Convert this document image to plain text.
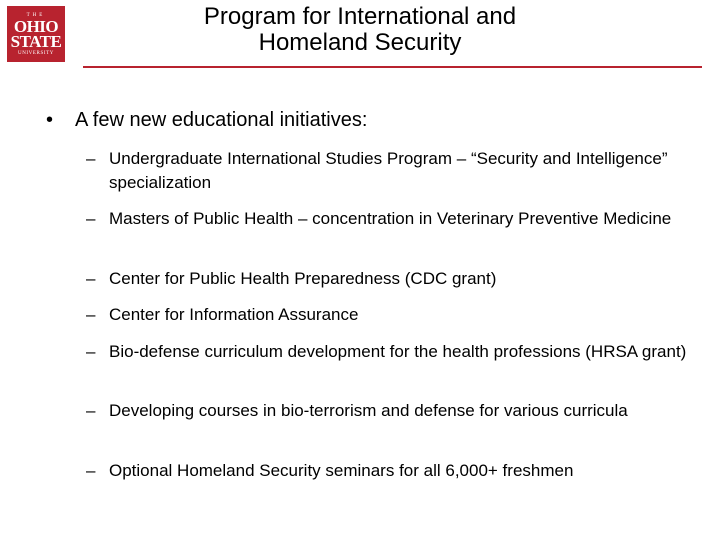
THE
OHIO
STATE
UNIVERSITY
Program for International and
Homeland Security
• A few new educational initiatives:
– Undergraduate International Studies Program – “Security and Intelligence” specialization
– Masters of Public Health – concentration in Veterinary Preventive Medicine
– Center for Public Health Preparedness (CDC grant)
– Center for Information Assurance
– Bio-defense curriculum development for the health professions (HRSA grant)
– Developing courses in bio-terrorism and defense for various curricula
– Optional Homeland Security seminars for all 6,000+ freshmen
